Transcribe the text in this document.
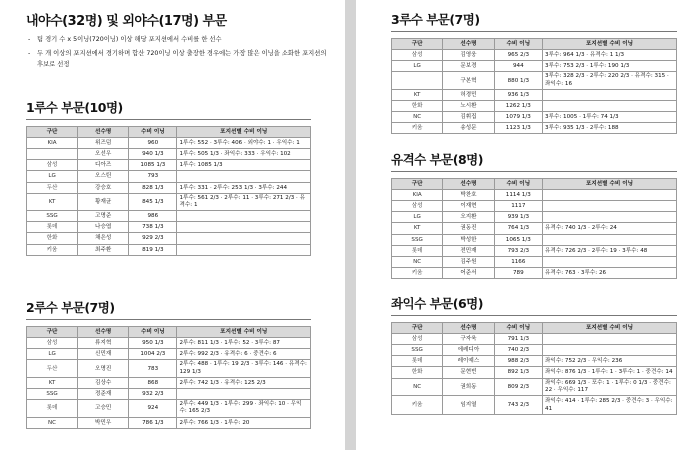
내야수(32명) 및 외야수(17명) 부문
- 팀 경기 수 x 5이닝(720이닝) 이상 해당 포지션에서 수비를 한 선수
- 두 개 이상의 포지션에서 경기하며 합산 720이닝 이상 출장한 경우에는 가장 많은 이닝을 소화한 포지션의 후보로 선정
1루수 부문(10명)
구단	선수명	수비 이닝	포지션별 수비 이닝
KIA	위즈덤	960	1루수: 552 · 3루수: 406 · 외야수: 1 · 우익수: 1
	오선우	940 1/3	1루수: 505 1/3 · 좌익수: 333 · 우익수: 102
삼성	디아즈	1085 1/3	1루수: 1085 1/3
LG	오스틴	793	
두산	강승호	828 1/3	1루수: 331 · 2루수: 253 1/3 · 3루수: 244
KT	황재균	845 1/3	1루수: 561 2/3 · 2루수: 11 · 3루수: 271 2/3 · 유격수: 1
SSG	고명준	986	
롯데	나승엽	738 1/3	
한화	채은성	929 2/3	
키움	최주환	819 1/3	
2루수 부문(7명)
구단	선수명	수비 이닝	포지션별 수비 이닝
삼성	류지혁	950 1/3	2루수: 811 1/3 · 1루수: 52 · 3루수: 87
LG	신민재	1004 2/3	2루수: 992 2/3 · 유격수: 6 · 중견수: 6
두산	오명진	783	2루수: 488 · 1루수: 19 2/3 · 3루수: 146 · 유격수: 129 1/3
KT	김상수	868	2루수: 742 1/3 · 유격수: 125 2/3
SSG	정준재	932 2/3	
롯데	고승민	924	2루수: 449 1/3 · 1루수: 299 · 좌익수: 10 · 우익수: 165 2/3
NC	박민우	786 1/3	2루수: 766 1/3 · 1루수: 20
3루수 부문(7명)
구단	선수명	수비 이닝	포지션별 수비 이닝
삼성	김영웅	965 2/3	3루수: 964 1/3 · 유격수: 1 1/3
LG	문보경	944	3루수: 753 2/3 · 1루수: 190 1/3
	구본혁	880 1/3	3루수: 328 2/3 · 2루수: 220 2/3 · 유격수: 315 · 좌익수: 16
KT	허경민	936 1/3	
한화	노시환	1262 1/3	
NC	김휘집	1079 1/3	3루수: 1005 · 1루수: 74 1/3
키움	송성문	1123 1/3	3루수: 935 1/3 · 2루수: 188
유격수 부문(8명)
구단	선수명	수비 이닝	포지션별 수비 이닝
KIA	박찬호	1114 1/3	
삼성	이재현	1117	
LG	오지환	939 1/3	
KT	권동진	764 1/3	유격수: 740 1/3 · 2루수: 24
SSG	박성한	1065 1/3	
롯데	전민재	793 2/3	유격수: 726 2/3 · 2루수: 19 · 3루수: 48
NC	김주원	1166	
키움	어준서	789	유격수: 763 · 3루수: 26
좌익수 부문(6명)
구단	선수명	수비 이닝	포지션별 수비 이닝
삼성	구자욱	791 1/3	
SSG	에레디아	740 2/3	
롯데	레이예스	988 2/3	좌익수: 752 2/3 · 우익수: 236
한화	문현빈	892 1/3	좌익수: 876 1/3 · 1루수: 1 · 3루수: 1 · 중견수: 14
NC	권희동	809 2/3	좌익수: 669 1/3 · 포수: 1 · 1루수: 0 1/3 · 중견수: 22 · 우익수: 117
키움	임지열	743 2/3	좌익수: 414 · 1루수: 285 2/3 · 중견수: 3 · 우익수: 41
